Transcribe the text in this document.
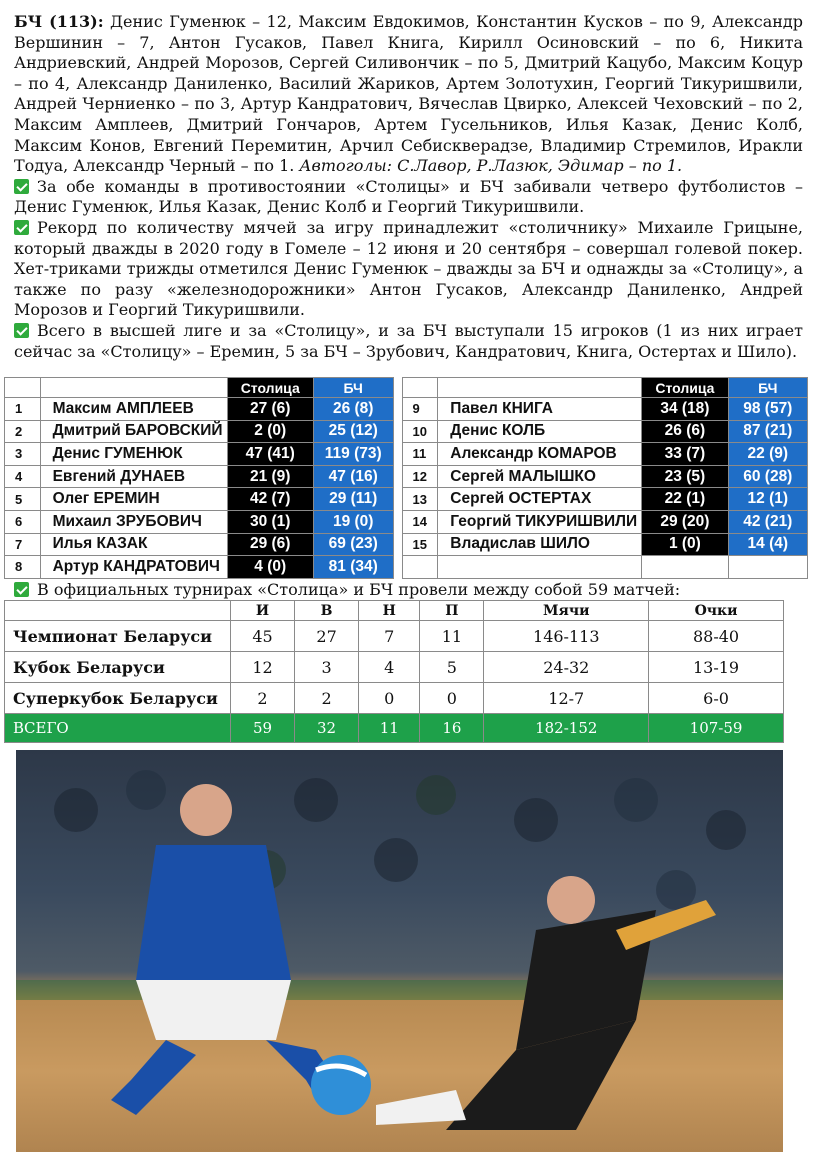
БЧ (113): Денис Гуменюк – 12, Максим Евдокимов, Константин Кусков – по 9, Александр Вершинин – 7, Антон Гусаков, Павел Книга, Кирилл Осиновский – по 6, Никита Андриевский, Андрей Морозов, Сергей Силивончик – по 5, Дмитрий Кацубо, Максим Коцур – по 4, Александр Даниленко, Василий Жариков, Артем Золотухин, Георгий Тикуришвили, Андрей Черниенко – по 3, Артур Кандратович, Вячеслав Цвирко, Алексей Чеховский – по 2, Максим Амплеев, Дмитрий Гончаров, Артем Гусельников, Илья Казак, Денис Колб, Максим Конов, Евгений Перемитин, Арчил Себискверадзе, Владимир Стремилов, Иракли Тодуа, Александр Черный – по 1. Автоголы: С.Лавор, Р.Лазюк, Эдимар – по 1.

За обе команды в противостоянии «Столицы» и БЧ забивали четверо футболистов – Денис Гуменюк, Илья Казак, Денис Колб и Георгий Тикуришвили.

Рекорд по количеству мячей за игру принадлежит «столичнику» Михаиле Грицыне, который дважды в 2020 году в Гомеле – 12 июня и 20 сентября – совершал голевой покер. Хет-триками трижды отметился Денис Гуменюк – дважды за БЧ и однажды за «Столицу», а также по разу «железнодорожники» Антон Гусаков, Александр Даниленко, Андрей Морозов и Георгий Тикуришвили.

Всего в высшей лиге и за «Столицу», и за БЧ выступали 15 игроков (1 из них играет сейчас за «Столицу» – Еремин, 5 за БЧ – Зрубович, Кандратович, Книга, Остертах и Шило).

		Столица	БЧ				Столица	БЧ
1	Максим АМПЛЕЕВ	27 (6)	26 (8)		9	Павел КНИГА	34 (18)	98 (57)
2	Дмитрий БАРОВСКИЙ	2 (0)	25 (12)		10	Денис КОЛБ	26 (6)	87 (21)
3	Денис ГУМЕНЮК	47 (41)	119 (73)		11	Александр КОМАРОВ	33 (7)	22 (9)
4	Евгений ДУНАЕВ	21 (9)	47 (16)		12	Сергей МАЛЫШКО	23 (5)	60 (28)
5	Олег ЕРЕМИН	42 (7)	29 (11)		13	Сергей ОСТЕРТАХ	22 (1)	12 (1)
6	Михаил ЗРУБОВИЧ	30 (1)	19 (0)		14	Георгий ТИКУРИШВИЛИ	29 (20)	42 (21)
7	Илья КАЗАК	29 (6)	69 (23)		15	Владислав ШИЛО	1 (0)	14 (4)
8	Артур КАНДРАТОВИЧ	4 (0)	81 (34)					
В официальных турнирах «Столица» и БЧ провели между собой 59 матчей:
	И	В	Н	П	Мячи	Очки
Чемпионат Беларуси	45	27	7	11	146-113	88-40
Кубок Беларуси	12	3	4	5	24-32	13-19
Суперкубок Беларуси	2	2	0	0	12-7	6-0
ВСЕГО	59	32	11	16	182-152	107-59
